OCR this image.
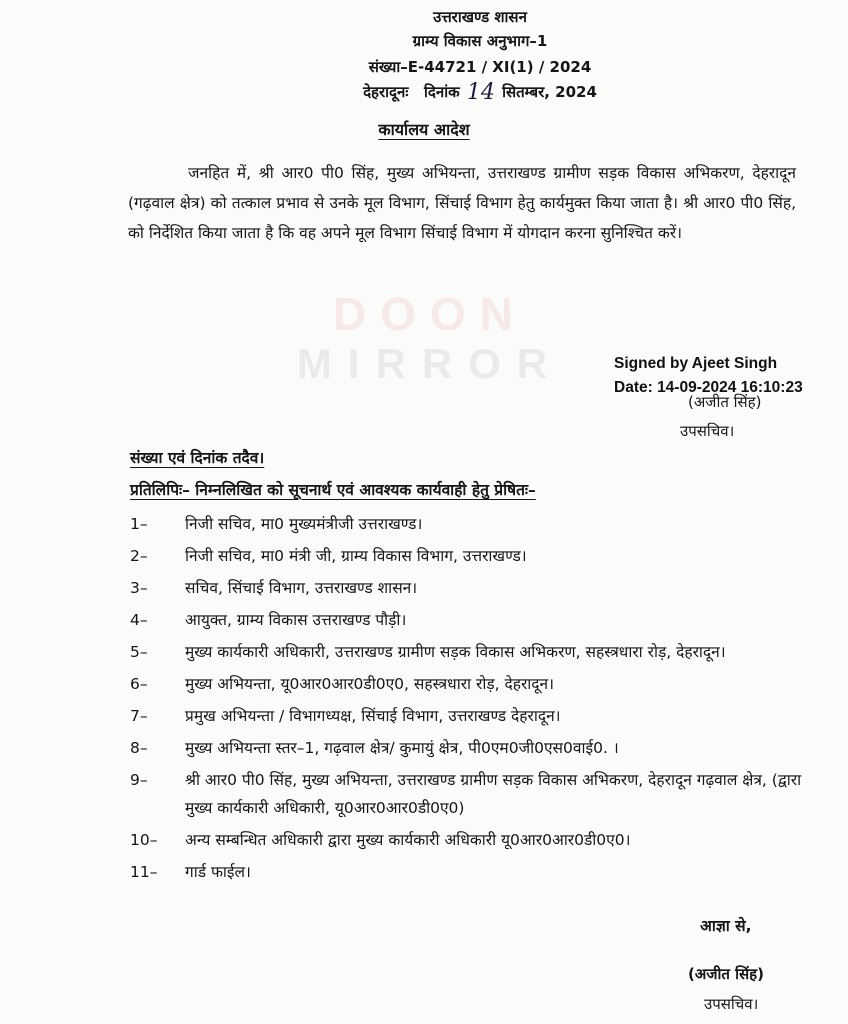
उत्तराखण्ड शासन
ग्राम्य विकास अनुभाग–1
संख्या–E-44721 / XI(1) / 2024
देहरादूनः दिनांक 14 सितम्बर, 2024
कार्यालय आदेश
जनहित में, श्री आर0 पी0 सिंह, मुख्य अभियन्ता, उत्तराखण्ड ग्रामीण सड़क विकास अभिकरण, देहरादून (गढ़वाल क्षेत्र) को तत्काल प्रभाव से उनके मूल विभाग, सिंचाई विभाग हेतु कार्यमुक्त किया जाता है। श्री आर0 पी0 सिंह, को निर्देशित किया जाता है कि वह अपने मूल विभाग सिंचाई विभाग में योगदान करना सुनिश्चित करें।
DOON
MIRROR	Signed by Ajeet Singh
Date: 14-09-2024 16:10:23
(अजीत सिंह)
उपसचिव।
संख्या एवं दिनांक तदैव।
प्रतिलिपिः– निम्नलिखित को सूचनार्थ एवं आवश्यक कार्यवाही हेतु प्रेषितः–
1–	निजी सचिव, मा0 मुख्यमंत्रीजी उत्तराखण्ड।
2–	निजी सचिव, मा0 मंत्री जी, ग्राम्य विकास विभाग, उत्तराखण्ड।
3–	सचिव, सिंचाई विभाग, उत्तराखण्ड शासन।
4–	आयुक्त, ग्राम्य विकास उत्तराखण्ड पौड़ी।
5–	मुख्य कार्यकारी अधिकारी, उत्तराखण्ड ग्रामीण सड़क विकास अभिकरण, सहस्त्रधारा रोड़, देहरादून।
6–	मुख्य अभियन्ता, यू0आर0आर0डी0ए0, सहस्त्रधारा रोड़, देहरादून।
7–	प्रमुख अभियन्ता / विभागध्यक्ष, सिंचाई विभाग, उत्तराखण्ड देहरादून।
8–	मुख्य अभियन्ता स्तर–1, गढ़वाल क्षेत्र/ कुमायुं क्षेत्र, पी0एम0जी0एस0वाई0. ।
9–	श्री आर0 पी0 सिंह, मुख्य अभियन्ता, उत्तराखण्ड ग्रामीण सड़क विकास अभिकरण, देहरादून गढ़वाल क्षेत्र, (द्वारा मुख्य कार्यकारी अधिकारी, यू0आर0आर0डी0ए0)
10–	अन्य सम्बन्धित अधिकारी द्वारा मुख्य कार्यकारी अधिकारी यू0आर0आर0डी0ए0।
11–	गार्ड फाईल।
आज्ञा से,
(अजीत सिंह)
उपसचिव।
